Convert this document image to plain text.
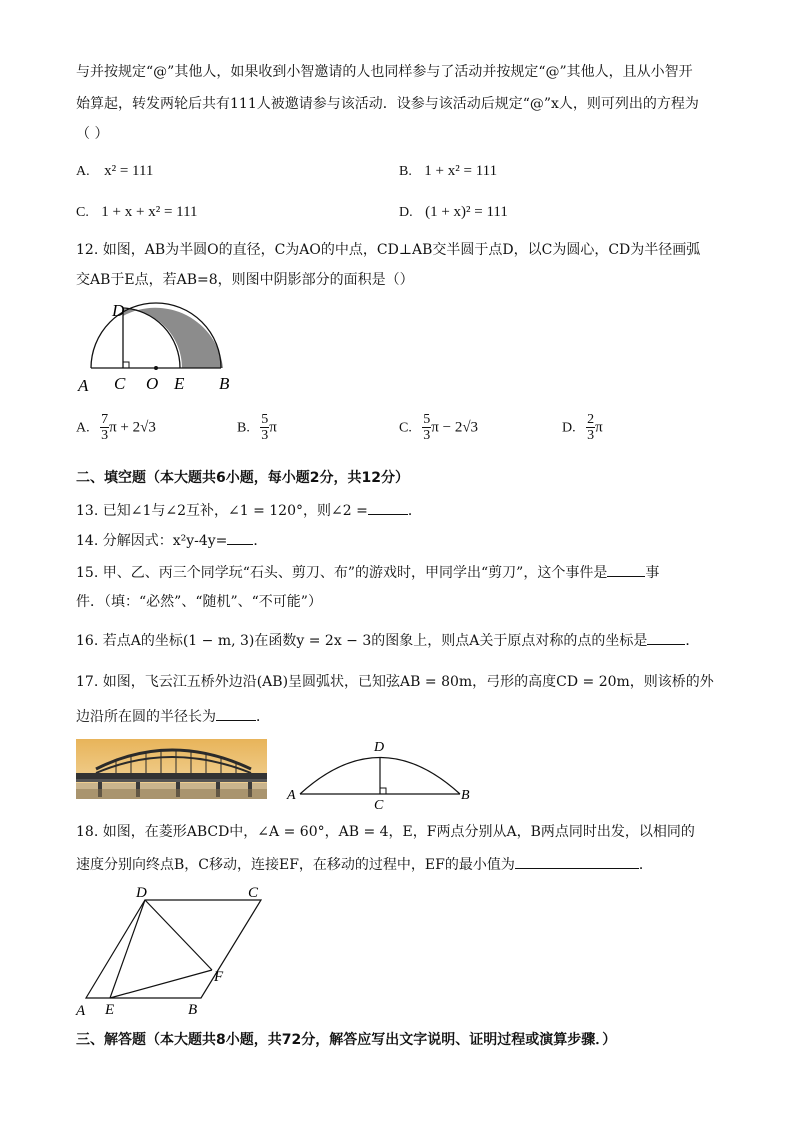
与并按规定“@”其他人，如果收到小智邀请的人也同样参与了活动并按规定“@”其他人，且从小智开
始算起，转发两轮后共有111人被邀请参与该活动．设参与该活动后规定“@”x人，则可列出的方程为
（ ）
A. x² = 111	B. 1 + x² = 111
C. 1 + x + x² = 111	D. (1 + x)² = 111
12. 如图，AB为半圆O的直径，C为AO的中点，CD⊥AB交半圆于点D，以C为圆心，CD为半径画弧
交AB于E点，若AB=8，则图中阴影部分的面积是（）
A C
D
O E B
A. $\frac{7}{3}$ π + 2√3	B. $\frac{5}{3}$ π	C. $\frac{5}{3}$ π − 2√3	D. $\frac{2}{3}$ π
二、填空题（本大题共6小题，每小题2分，共12分）
13. 已知∠1与∠2互补，∠1 = 120°，则∠2 =	．
14. 分解因式：x²y-4y= ．
15. 甲、乙、丙三个同学玩“石头、剪刀、布”的游戏时，甲同学出“剪刀”，这个事件是	事
件．（填：“必然”、“随机”、“不可能”）
16. 若点A的坐标(1 − m, 3)在函数y = 2x − 3的图象上，则点A关于原点对称的点的坐标是	．
17. 如图，飞云江五桥外边沿(AB)呈圆弧状，已知弦AB = 80m，弓形的高度CD = 20m，则该桥的外
边沿所在圆的半径长为	．
A	B
C
D
18. 如图，在菱形ABCD中，∠A = 60°，AB = 4，E，F两点分别从A，B两点同时出发，以相同的
速度分别向终点B，C移动，连接EF，在移动的过程中，EF的最小值为	．
A E	B
F
C
D
三、解答题（本大题共8小题，共72分，解答应写出文字说明、证明过程或演算步骤．）
